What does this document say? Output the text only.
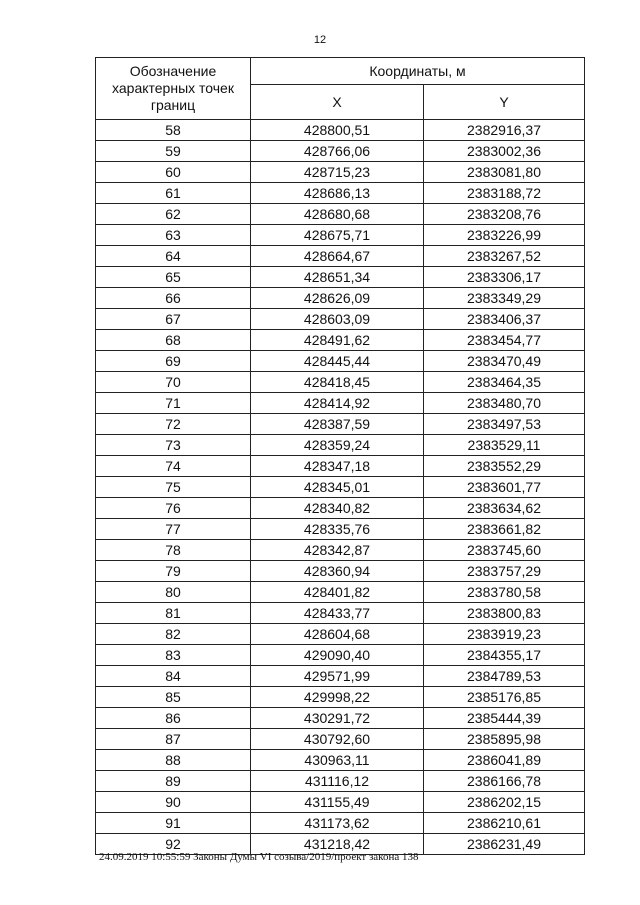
12
Обозначение характерных точек границ	Координаты, м	
	X	Y
58	428800,51	2382916,37
59	428766,06	2383002,36
60	428715,23	2383081,80
61	428686,13	2383188,72
62	428680,68	2383208,76
63	428675,71	2383226,99
64	428664,67	2383267,52
65	428651,34	2383306,17
66	428626,09	2383349,29
67	428603,09	2383406,37
68	428491,62	2383454,77
69	428445,44	2383470,49
70	428418,45	2383464,35
71	428414,92	2383480,70
72	428387,59	2383497,53
73	428359,24	2383529,11
74	428347,18	2383552,29
75	428345,01	2383601,77
76	428340,82	2383634,62
77	428335,76	2383661,82
78	428342,87	2383745,60
79	428360,94	2383757,29
80	428401,82	2383780,58
81	428433,77	2383800,83
82	428604,68	2383919,23
83	429090,40	2384355,17
84	429571,99	2384789,53
85	429998,22	2385176,85
86	430291,72	2385444,39
87	430792,60	2385895,98
88	430963,11	2386041,89
89	431116,12	2386166,78
90	431155,49	2386202,15
91	431173,62	2386210,61
92	431218,42	2386231,49
24.09.2019 10:55:59 Законы Думы VI созыва/2019/проект закона 138
